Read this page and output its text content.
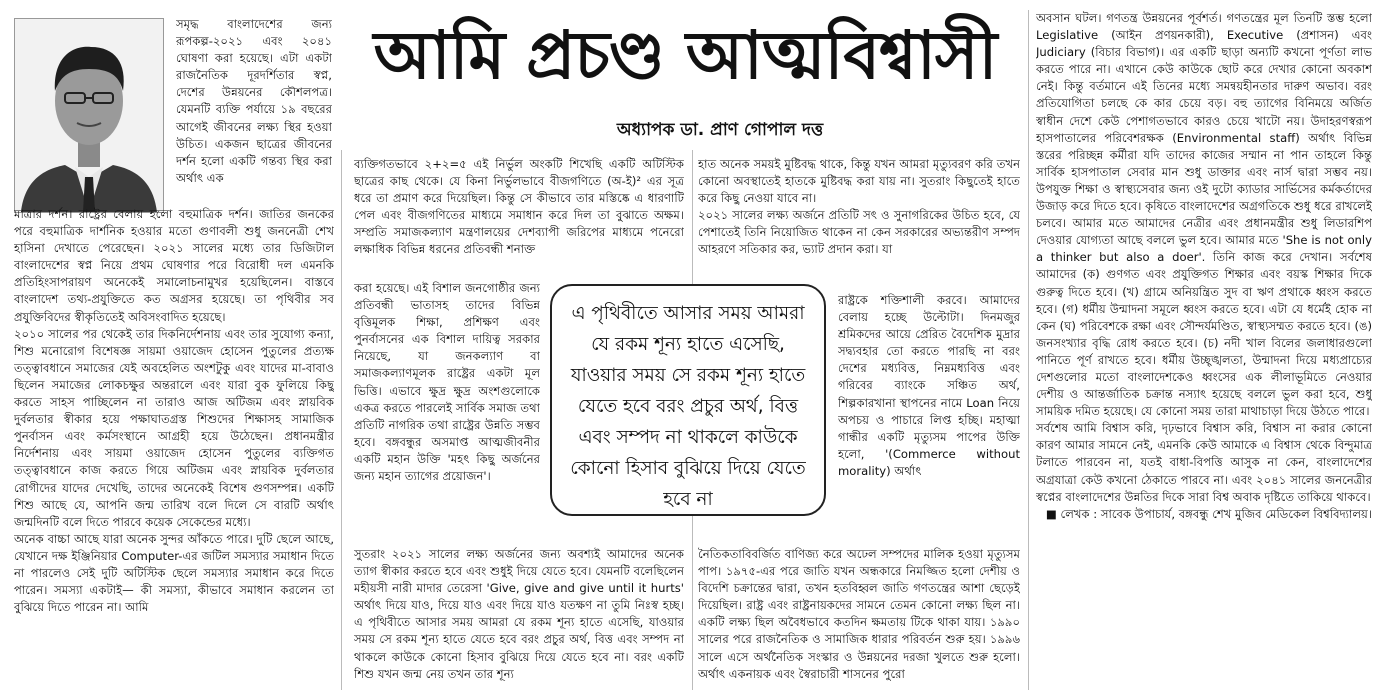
সমৃদ্ধ বাংলাদেশের জন্য রূপকল্প-২০২১ এবং ২০৪১ ঘোষণা করা হয়েছে। এটা একটা রাজনৈতিক দূরদর্শিতার স্বপ্ন, দেশের উন্নয়নের কৌশলপত্র। যেমনটি ব্যক্তি পর্যায়ে ১৯ বছরের আগেই জীবনের লক্ষ্য স্থির হওয়া উচিত। একজন ছাত্রের জীবনের দর্শন হলো একটি গন্তব্য স্থির করা অর্থাৎ এক

আমি প্রচণ্ড আত্মবিশ্বাসী
অধ্যাপক ডা. প্রাণ গোপাল দত্ত

মাত্রার দর্শন। রাষ্ট্রের বেলায় হলো বহুমাত্রিক দর্শন। জাতির জনকের পরে বহুমাত্রিক দার্শনিক হওয়ার মতো গুণাবলী শুধু জননেত্রী শেখ হাসিনা দেখাতে পেরেছেন। ২০২১ সালের মধ্যে তার ডিজিটাল বাংলাদেশের স্বপ্ন নিয়ে প্রথম ঘোষণার পরে বিরোধী দল এমনকি প্রতিহিংসাপরায়ণ অনেকেই সমালোচনামুখর হয়েছিলেন। বাস্তবে বাংলাদেশ তথ্য-প্রযুক্তিতে কত অগ্রসর হয়েছে। তা পৃথিবীর সব প্রযুক্তিবিদের স্বীকৃতিতেই অবিসংবাদিত হয়েছে।

২০১০ সালের পর থেকেই তার দিকনির্দেশনায় এবং তার সুযোগ্য কন্যা, শিশু মনোরোগ বিশেষজ্ঞ সায়মা ওয়াজেদ হোসেন পুতুলের প্রত্যক্ষ তত্ত্বাবধানে সমাজের যেই অবহেলিত অংশটুকু এবং যাদের মা-বাবাও ছিলেন সমাজের লোকচক্ষুর অন্তরালে এবং যারা বুক ফুলিয়ে কিছু করতে সাহস পাচ্ছিলেন না তারাও আজ অটিজম এবং স্নায়বিক দুর্বলতার স্বীকার হয়ে পক্ষাঘাতগ্রস্ত শিশুদের শিক্ষাসহ সামাজিক পুনর্বাসন এবং কর্মসংস্থানে আগ্রহী হয়ে উঠেছেন। প্রধানমন্ত্রীর নির্দেশনায় এবং সায়মা ওয়াজেদ হোসেন পুতুলের ব্যক্তিগত তত্ত্বাবধানে কাজ করতে গিয়ে অটিজম এবং স্নায়বিক দুর্বলতার রোগীদের যাদের দেখেছি, তাদের অনেকেই বিশেষ গুণসম্পন্ন। একটি শিশু আছে যে, আপনি জন্ম তারিখ বলে দিলে সে বারটি অর্থাৎ জন্মদিনটি বলে দিতে পারবে কয়েক সেকেন্ডের মধ্যে।

অনেক বাচ্চা আছে যারা অনেক সুন্দর আঁকতে পারে। দুটি ছেলে আছে, যেখানে দক্ষ ইঞ্জিনিয়ার Computer-এর জটিল সমস্যার সমাধান দিতে না পারলেও সেই দুটি অটিস্টিক ছেলে সমস্যার সমাধান করে দিতে পারেন। সমস্যা একটাই— কী সমস্যা, কীভাবে সমাধান করলেন তা বুঝিয়ে দিতে পারেন না। আমি

ব্যক্তিগতভাবে ২+২=৫ এই নির্ভুল অংকটি শিখেছি একটি অটিস্টিক ছাত্রের কাছ থেকে। যে কিনা নির্ভুলভাবে বীজগণিতে (অ-ই)² এর সূত্র ধরে তা প্রমাণ করে দিয়েছিল। কিন্তু সে কীভাবে তার মস্তিষ্কে এ ধারণাটি পেল এবং বীজগণিতের মাধ্যমে সমাধান করে দিল তা বুঝাতে অক্ষম। সম্প্রতি সমাজকল্যাণ মন্ত্রণালয়ের দেশব্যাপী জরিপের মাধ্যমে পনেরো লক্ষাধিক বিভিন্ন ধরনের প্রতিবন্ধী শনাক্ত

করা হয়েছে। এই বিশাল জনগোষ্ঠীর জন্য প্রতিবন্ধী ভাতাসহ তাদের বিভিন্ন বৃত্তিমূলক শিক্ষা, প্রশিক্ষণ এবং পুনর্বাসনের এক বিশাল দায়িত্ব সরকার নিয়েছে, যা জনকল্যাণ বা সমাজকল্যাণমূলক রাষ্ট্রের একটা মূল ভিত্তি। এভাবে ক্ষুদ্র ক্ষুদ্র অংশগুলোকে একত্র করতে পারলেই সার্বিক সমাজ তথা প্রতিটি নাগরিক তথা রাষ্ট্রের উন্নতি সম্ভব হবে। বঙ্গবন্ধুর অসমাপ্ত আত্মজীবনীর একটি মহান উক্তি 'মহৎ কিছু অর্জনের জন্য মহান ত্যাগের প্রয়োজন'।

সুতরাং ২০২১ সালের লক্ষ্য অর্জনের জন্য অবশ্যই আমাদের অনেক ত্যাগ স্বীকার করতে হবে এবং শুধুই দিয়ে যেতে হবে। যেমনটি বলেছিলেন মহীয়সী নারী মাদার তেরেসা 'Give, give and give until it hurts' অর্থাৎ দিয়ে যাও, দিয়ে যাও এবং দিয়ে যাও যতক্ষণ না তুমি নিঃস্ব হচ্ছ। এ পৃথিবীতে আসার সময় আমরা যে রকম শূন্য হাতে এসেছি, যাওয়ার সময় সে রকম শূন্য হাতে যেতে হবে বরং প্রচুর অর্থ, বিত্ত এবং সম্পদ না থাকলে কাউকে কোনো হিসাব বুঝিয়ে দিয়ে যেতে হবে না। বরং একটি শিশু যখন জন্ম নেয় তখন তার শূন্য

হাত অনেক সময়ই মুষ্টিবদ্ধ থাকে, কিন্তু যখন আমরা মৃত্যুবরণ করি তখন কোনো অবস্থাতেই হাতকে মুষ্টিবদ্ধ করা যায় না। সুতরাং কিছুতেই হাতে করে কিছু নেওয়া যাবে না।

২০২১ সালের লক্ষ্য অর্জনে প্রতিটি সৎ ও সুনাগরিকের উচিত হবে, যে পেশাতেই তিনি নিয়োজিত থাকেন না কেন সরকারের অভ্যন্তরীণ সম্পদ আহরণে সতিকার কর, ভ্যাট প্রদান করা। যা

রাষ্ট্রকে শক্তিশালী করবে। আমাদের বেলায় হচ্ছে উল্টোটা। দিনমজুর শ্রমিকদের আয়ে প্রেরিত বৈদেশিক মুদ্রার সদ্ব্যবহার তো করতে পারছি না বরং দেশের মধ্যবিত্ত, নিম্নমধ্যবিত্ত এবং গরিবের ব্যাংকে সঞ্চিত অর্থ, শিল্পকারখানা স্থাপনের নামে Loan নিয়ে অপচয় ও পাচারে লিপ্ত হচ্ছি। মহাত্মা গান্ধীর একটি মৃত্যুসম পাপের উক্তি হলো, '(Commerce without morality) অর্থাৎ

নৈতিকতাবিবর্জিত বাণিজ্য করে অঢেল সম্পদের মালিক হওয়া মৃত্যুসম পাপ। ১৯৭৫-এর পরে জাতি যখন অন্ধকারে নিমজ্জিত হলো দেশীয় ও বিদেশি চক্রান্তের দ্বারা, তখন হতবিহ্বল জাতি গণতন্ত্রের আশা ছেড়েই দিয়েছিল। রাষ্ট্র এবং রাষ্ট্রনায়কদের সামনে তেমন কোনো লক্ষ্য ছিল না। একটি লক্ষ্য ছিল অবৈধভাবে কতদিন ক্ষমতায় টিকে থাকা যায়। ১৯৯০ সালের পরে রাজনৈতিক ও সামাজিক ধারার পরিবর্তন শুরু হয়। ১৯৯৬ সালে এসে অর্থনৈতিক সংস্কার ও উন্নয়নের দরজা খুলতে শুরু হলো। অর্থাৎ একনায়ক এবং স্বৈরাচারী শাসনের পুরো

এ পৃথিবীতে আসার সময় আমরা যে রকম শূন্য হাতে এসেছি, যাওয়ার সময় সে রকম শূন্য হাতে যেতে হবে বরং প্রচুর অর্থ, বিত্ত এবং সম্পদ না থাকলে কাউকে কোনো হিসাব বুঝিয়ে দিয়ে যেতে হবে না

অবসান ঘটল। গণতন্ত্র উন্নয়নের পূর্বশর্ত। গণতন্ত্রের মূল তিনটি স্তম্ভ হলো Legislative (আইন প্রণয়নকারী), Executive (প্রশাসন) এবং Judiciary (বিচার বিভাগ)। এর একটি ছাড়া অন্যটি কখনো পূর্ণতা লাভ করতে পারে না। এখানে কেউ কাউকে ছোট করে দেখার কোনো অবকাশ নেই। কিন্তু বর্তমানে এই তিনের মধ্যে সমন্বয়হীনতার দারুণ অভাব। বরং প্রতিযোগিতা চলছে কে কার চেয়ে বড়। বহু ত্যাগের বিনিময়ে অর্জিত স্বাধীন দেশে কেউ পেশাগতভাবে কারও চেয়ে খাটো নয়। উদাহরণস্বরূপ হাসপাতালের পরিবেশরক্ষক (Environmental staff) অর্থাৎ বিভিন্ন স্তরের পরিচ্ছন্ন কর্মীরা যদি তাদের কাজের সম্মান না পান তাহলে কিন্তু সার্বিক হাসপাতাল সেবার মান শুধু ডাক্তার এবং নার্স দ্বারা সম্ভব নয়। উপযুক্ত শিক্ষা ও স্বাস্থ্যসেবার জন্য ওই দুটো ক্যাডার সার্ভিসের কর্মকর্তাদের উজাড় করে দিতে হবে। কৃষিতে বাংলাদেশের অগ্রগতিকে শুধু ধরে রাখলেই চলবে। আমার মতে আমাদের নেত্রীর এবং প্রধানমন্ত্রীর শুধু লিডারশিপ দেওয়ার যোগ্যতা আছে বললে ভুল হবে। আমার মতে 'She is not only a thinker but also a doer'. তিনি কাজ করে দেখান। সর্বশেষ আমাদের (ক) গুণগত এবং প্রযুক্তিগত শিক্ষার এবং বয়স্ক শিক্ষার দিকে গুরুত্ব দিতে হবে। (খ) গ্রামে অনিয়ন্ত্রিত সুদ বা ঋণ প্রথাকে ধ্বংস করতে হবে। (গ) ধর্মীয় উন্মাদনা সমূলে ধ্বংস করতে হবে। এটা যে ধর্মেই হোক না কেন (ঘ) পরিবেশকে রক্ষা এবং সৌন্দর্যমণ্ডিত, স্বাস্থ্যসম্মত করতে হবে। (ঙ) জনসংখ্যার বৃদ্ধি রোধ করতে হবে। (চ) নদী খাল বিলের জলাধারগুলো পানিতে পূর্ণ রাখতে হবে। ধর্মীয় উচ্ছৃঙ্খলতা, উন্মাদনা দিয়ে মধ্যপ্রাচ্যের দেশগুলোর মতো বাংলাদেশকেও ধ্বংসের এক লীলাভূমিতে নেওয়ার দেশীয় ও আন্তর্জাতিক চক্রান্ত নস্যাৎ হয়েছে বললে ভুল করা হবে, শুধু সাময়িক দমিত হয়েছে। যে কোনো সময় তারা মাথাচাড়া দিয়ে উঠতে পারে।

সর্বশেষ আমি বিশ্বাস করি, দৃঢ়ভাবে বিশ্বাস করি, বিশ্বাস না করার কোনো কারণ আমার সামনে নেই, এমনকি কেউ আমাকে এ বিশ্বাস থেকে বিন্দুমাত্র টলাতে পারবেন না, যতই বাধা-বিপত্তি আসুক না কেন, বাংলাদেশের অগ্রযাত্রা কেউ কখনো ঠেকাতে পারবে না। এবং ২০৪১ সালের জননেত্রীর স্বপ্নের বাংলাদেশের উন্নতির দিকে সারা বিশ্ব অবাক দৃষ্টিতে তাকিয়ে থাকবে।

■ লেখক : সাবেক উপাচার্য, বঙ্গবন্ধু শেখ মুজিব মেডিকেল বিশ্ববিদ্যালয়।
